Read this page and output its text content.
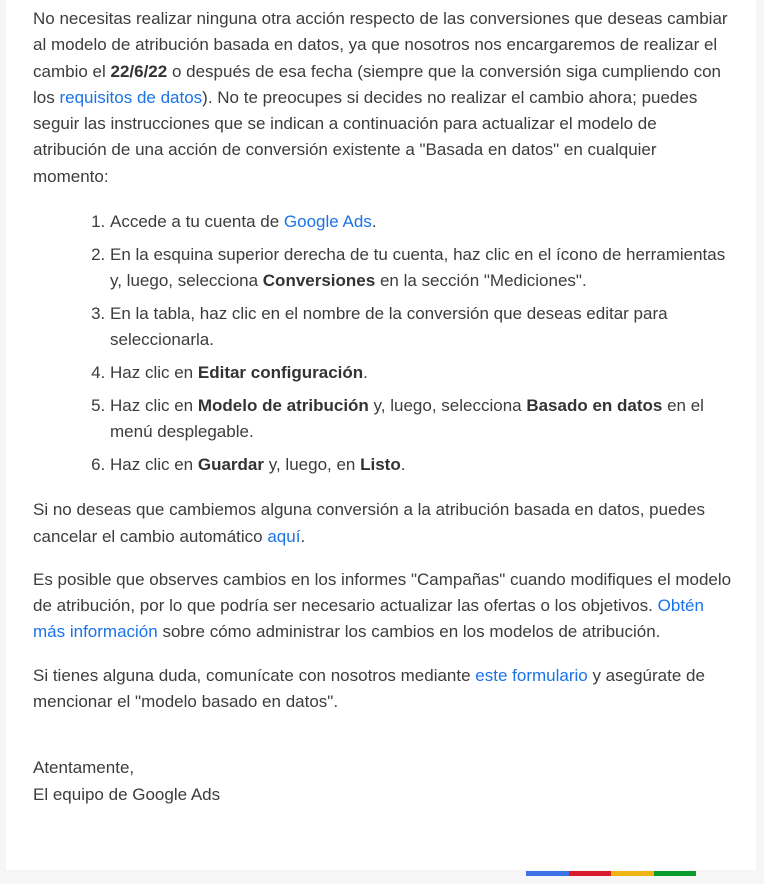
No necesitas realizar ninguna otra acción respecto de las conversiones que deseas cambiar al modelo de atribución basada en datos, ya que nosotros nos encargaremos de realizar el cambio el 22/6/22 o después de esa fecha (siempre que la conversión siga cumpliendo con los requisitos de datos). No te preocupes si decides no realizar el cambio ahora; puedes seguir las instrucciones que se indican a continuación para actualizar el modelo de atribución de una acción de conversión existente a "Basada en datos" en cualquier momento:

1. Accede a tu cuenta de Google Ads.
2. En la esquina superior derecha de tu cuenta, haz clic en el ícono de herramientas y, luego, selecciona Conversiones en la sección "Mediciones".
3. En la tabla, haz clic en el nombre de la conversión que deseas editar para seleccionarla.
4. Haz clic en Editar configuración.
5. Haz clic en Modelo de atribución y, luego, selecciona Basado en datos en el menú desplegable.
6. Haz clic en Guardar y, luego, en Listo.

Si no deseas que cambiemos alguna conversión a la atribución basada en datos, puedes cancelar el cambio automático aquí.

Es posible que observes cambios en los informes "Campañas" cuando modifiques el modelo de atribución, por lo que podría ser necesario actualizar las ofertas o los objetivos. Obtén más información sobre cómo administrar los cambios en los modelos de atribución.

Si tienes alguna duda, comunícate con nosotros mediante este formulario y asegúrate de mencionar el "modelo basado en datos".

Atentamente,
El equipo de Google Ads
